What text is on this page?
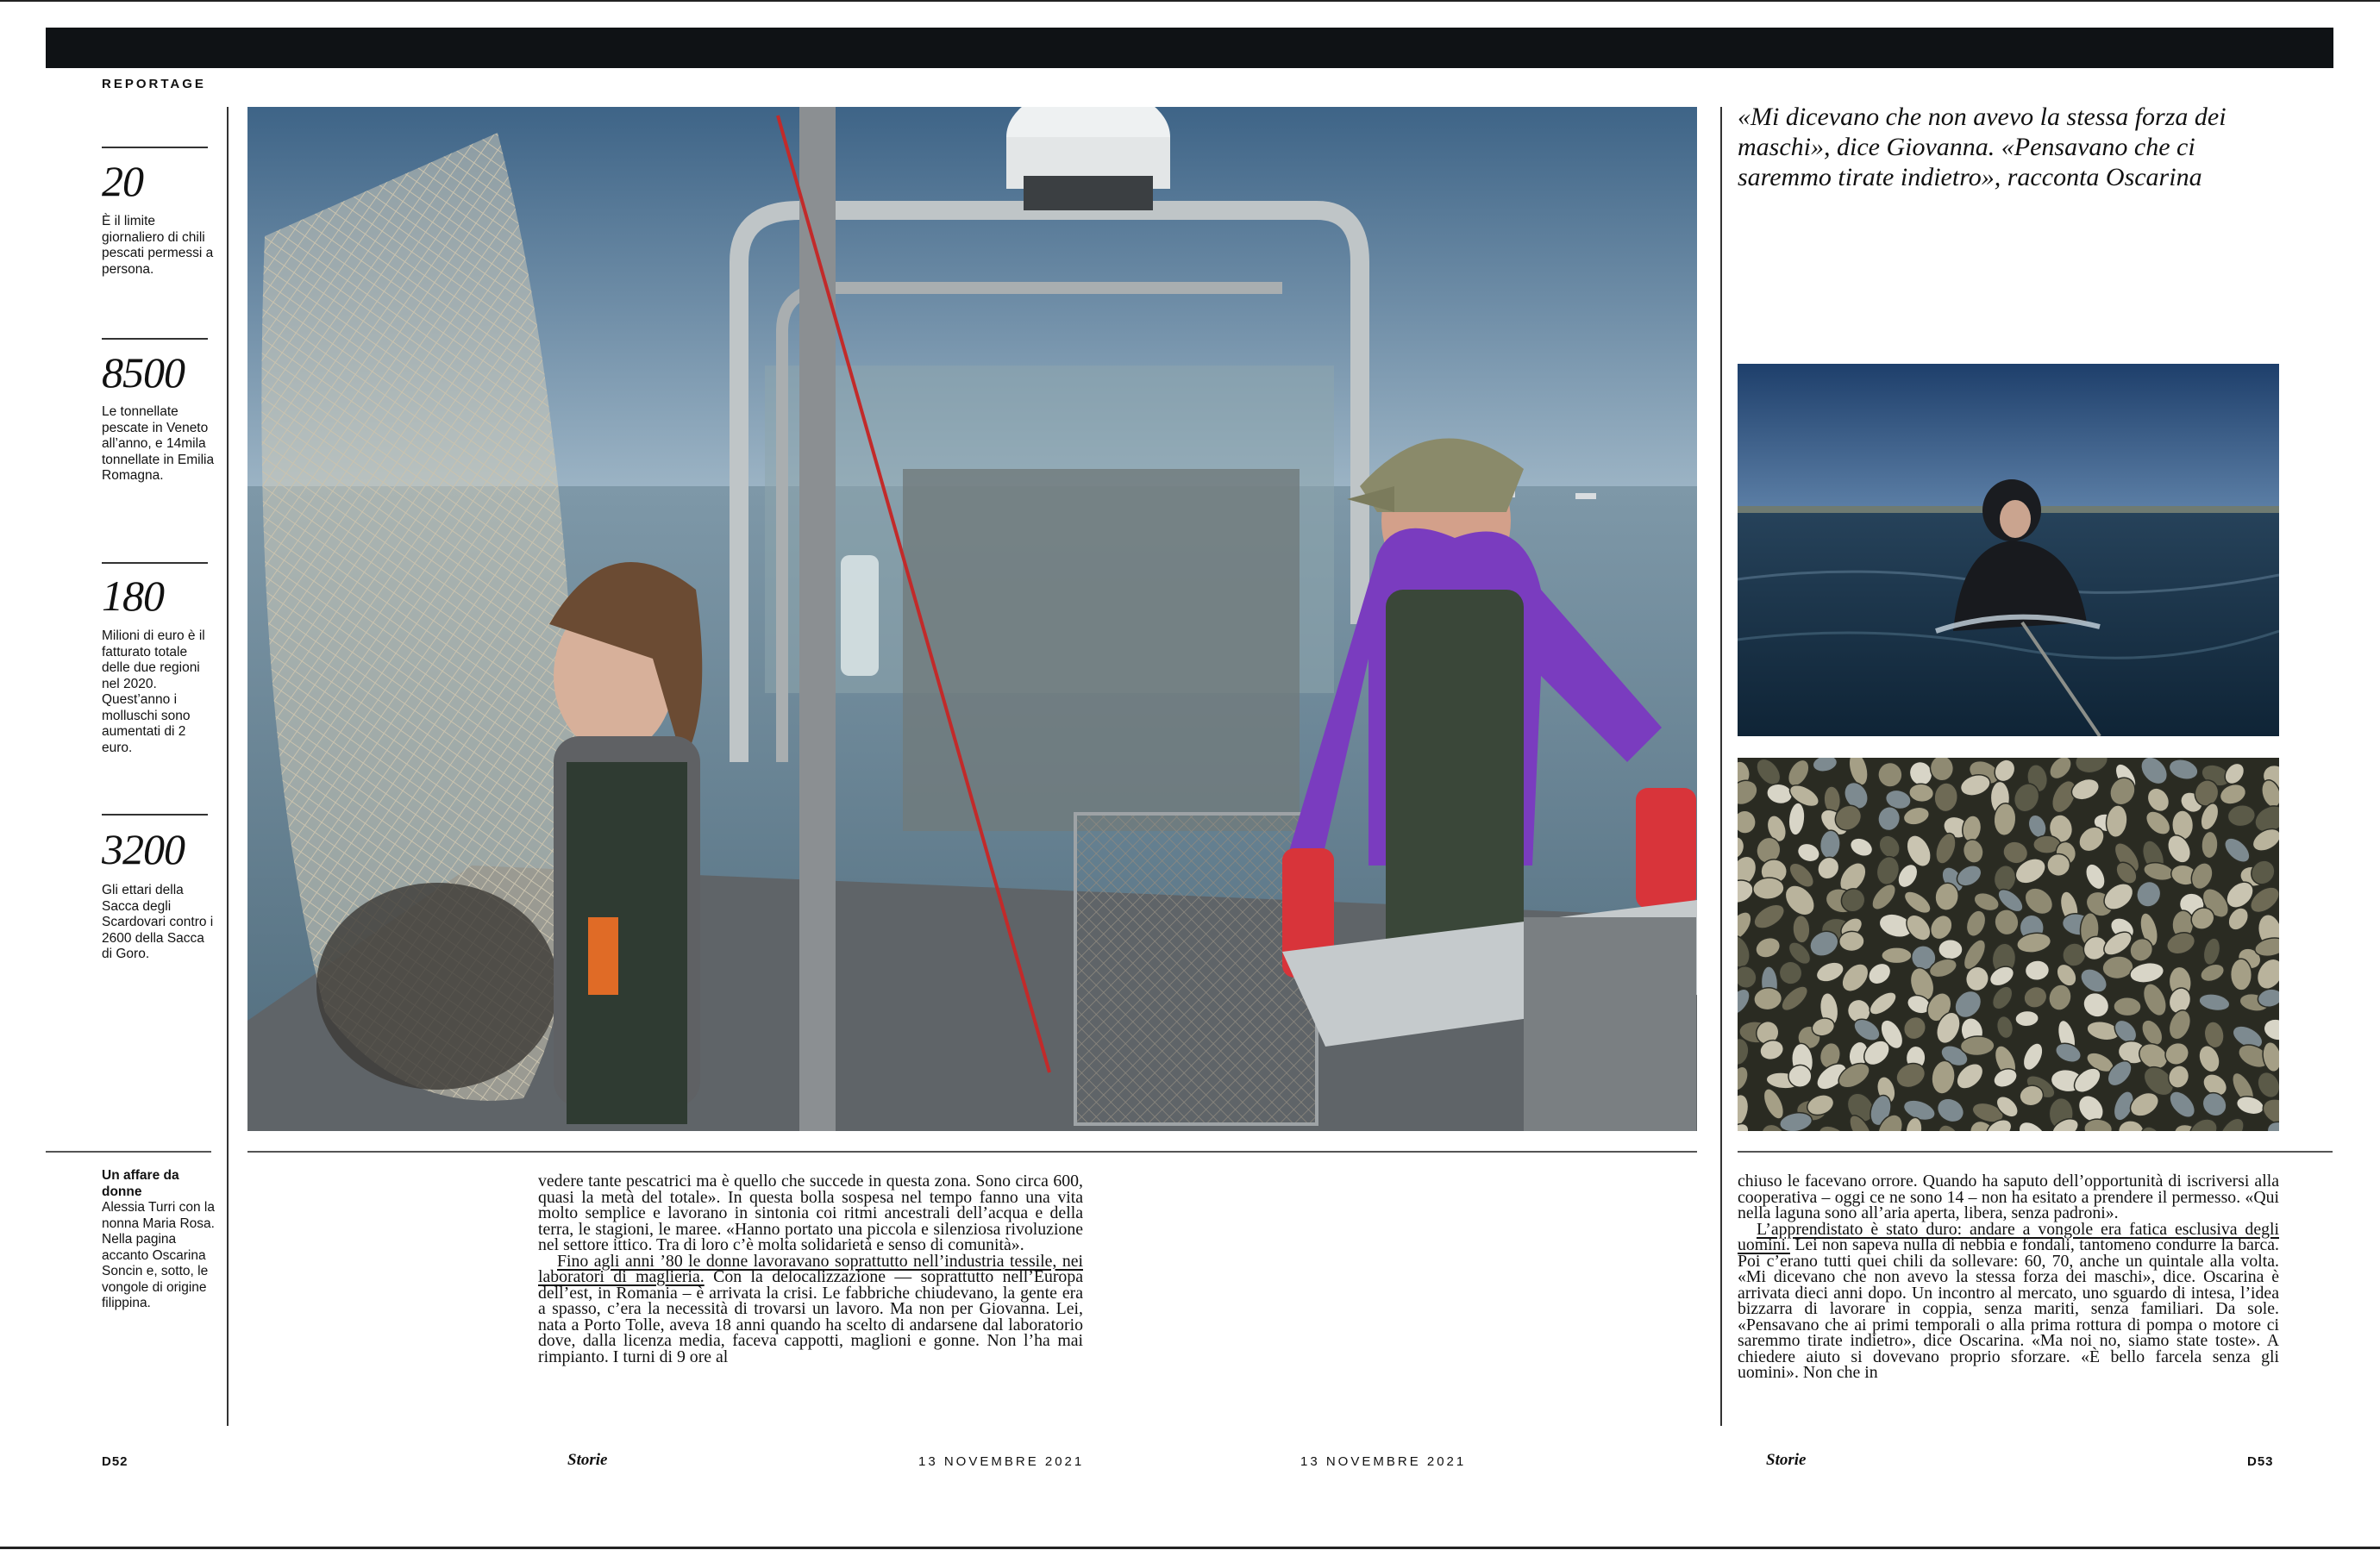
REPORTAGE
20
È il limite giornaliero di chili pescati permessi a persona.
8500
Le tonnellate pescate in Veneto all’anno, e 14mila tonnellate in Emilia Romagna.
180
Milioni di euro è il fatturato totale delle due regioni nel 2020. Quest’anno i molluschi sono aumentati di 2 euro.
3200
Gli ettari della Sacca degli Scardovari contro i 2600 della Sacca di Goro.
Un affare da donne
Alessia Turri con la nonna Maria Rosa. Nella pagina accanto Oscarina Soncin e, sotto, le vongole di origine filippina.
«Mi dicevano che non avevo la stessa forza dei maschi», dice Giovanna. «Pensavano che ci saremmo tirate indietro», racconta Oscarina

vedere tante pescatrici ma è quello che succede in questa zona. Sono circa 600, quasi la metà del totale». In questa bolla sospesa nel tempo fanno una vita molto semplice e lavorano in sintonia coi ritmi ancestrali dell’acqua e della terra, le stagioni, le maree. «Hanno portato una piccola e silenziosa rivoluzione nel settore ittico. Tra di loro c’è molta solidarietà e senso di comunità».

Fino agli anni ’80 le donne lavoravano soprattutto nell’industria tessile, nei laboratori di maglieria. Con la delocalizzazione — soprattutto nell’Europa dell’est, in Romania – è arrivata la crisi. Le fabbriche chiudevano, la gente era a spasso, c’era la necessità di trovarsi un lavoro. Ma non per Giovanna. Lei, nata a Porto Tolle, aveva 18 anni quando ha scelto di andarsene dal laboratorio dove, dalla licenza media, faceva cappotti, maglioni e gonne. Non l’ha mai rimpianto. I turni di 9 ore al

chiuso le facevano orrore. Quando ha saputo dell’opportunità di iscriversi alla cooperativa – oggi ce ne sono 14 – non ha esitato a prendere il permesso. «Qui nella laguna sono all’aria aperta, libera, senza padroni».

L’apprendistato è stato duro: andare a vongole era fatica esclusiva degli uomini. Lei non sapeva nulla di nebbia e fondali, tantomeno condurre la barca. Poi c’erano tutti quei chili da sollevare: 60, 70, anche un quintale alla volta. «Mi dicevano che non avevo la stessa forza dei maschi», dice. Oscarina è arrivata dieci anni dopo. Un incontro al mercato, uno sguardo di intesa, l’idea bizzarra di lavorare in coppia, senza mariti, senza familiari. Da sole. «Pensavano che ai primi temporali o alla prima rottura di pompa o motore ci saremmo tirate indietro», dice Oscarina. «Ma noi no, siamo state toste». A chiedere aiuto si dovevano proprio sforzare. «È bello farcela senza gli uomini». Non che in

D52	Storie	13 NOVEMBRE 2021	13 NOVEMBRE 2021	Storie	D53
